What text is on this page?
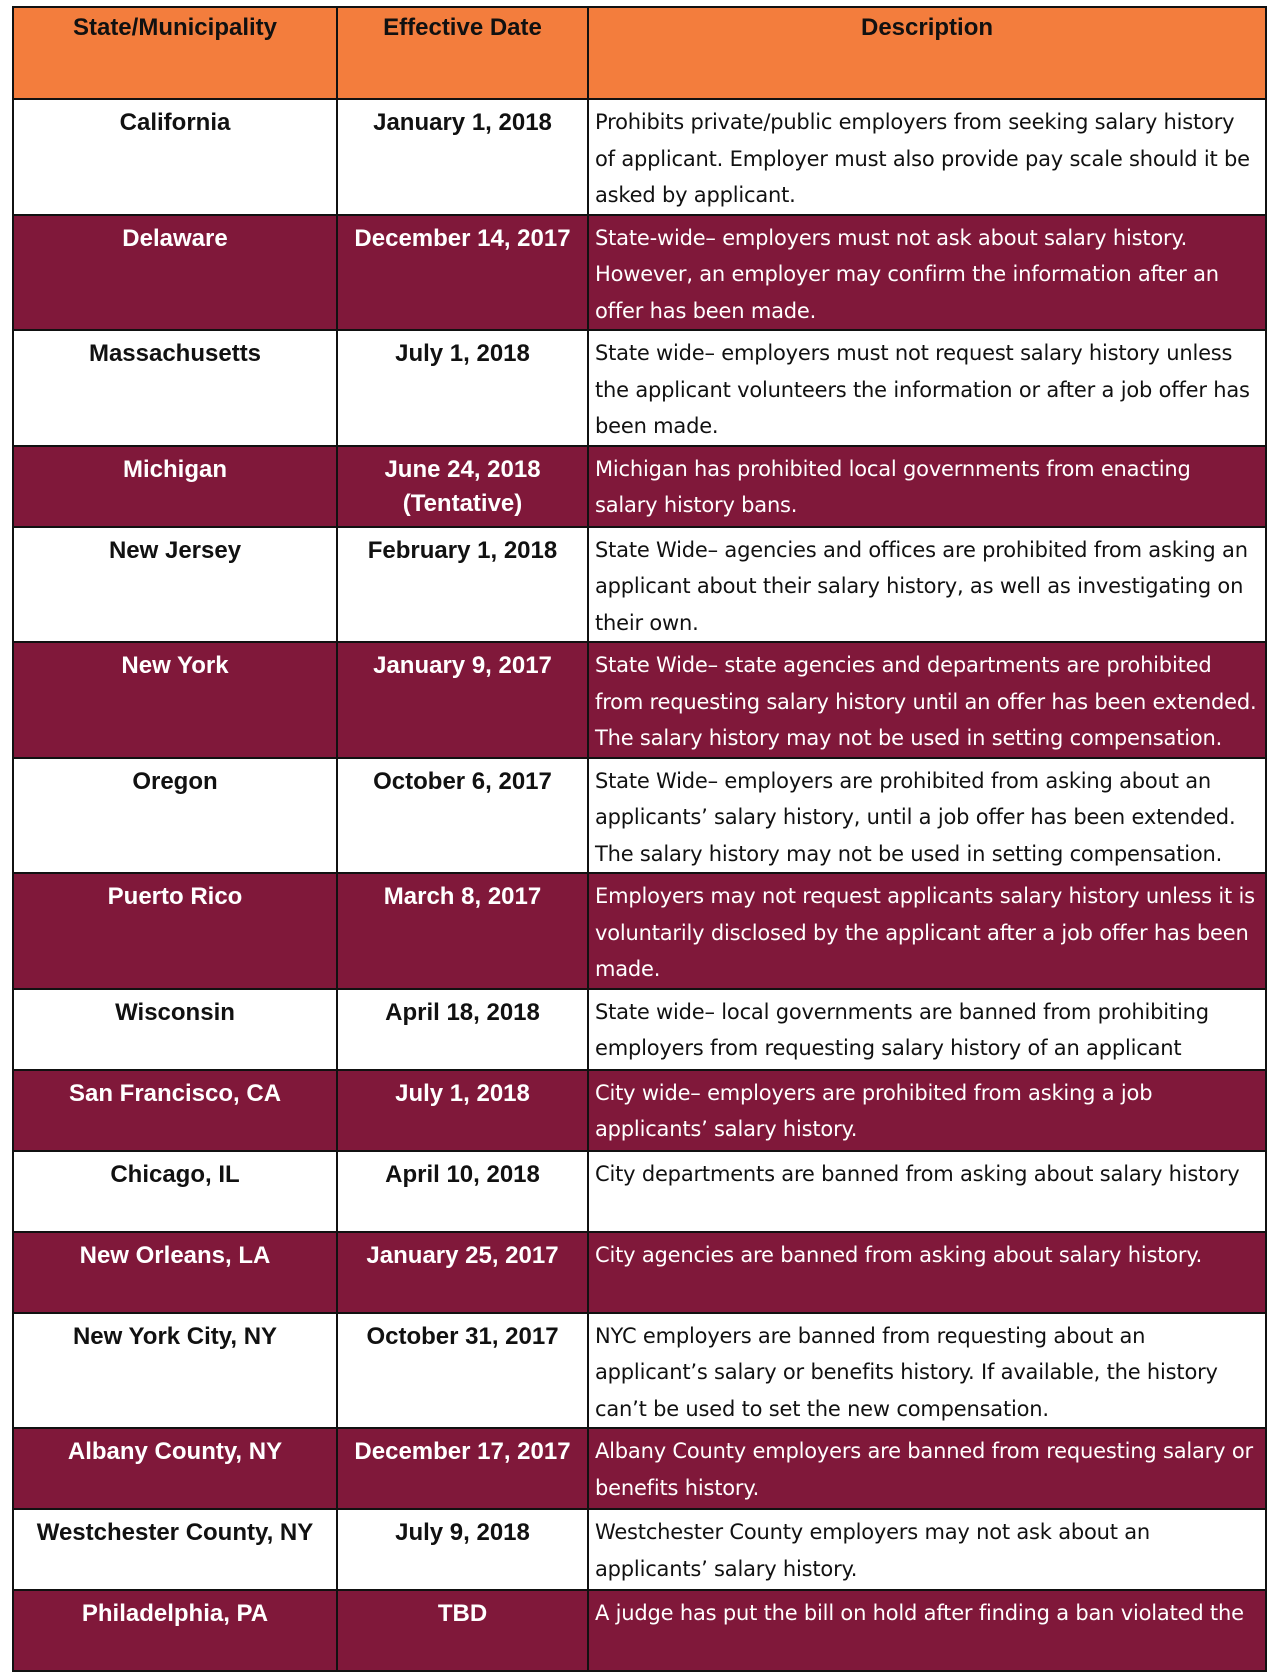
State/Municipality	Effective Date	Description
California	January 1, 2018	Prohibits private/public employers from seeking salary history of applicant. Employer must also provide pay scale should it be asked by applicant.
Delaware	December 14, 2017	State-wide– employers must not ask about salary history. However, an employer may confirm the information after an offer has been made.
Massachusetts	July 1, 2018	State wide– employers must not request salary history unless the applicant volunteers the information or after a job offer has been made.
Michigan	June 24, 2018 (Tentative)	Michigan has prohibited local governments from enacting salary history bans.
New Jersey	February 1, 2018	State Wide– agencies and offices are prohibited from asking an applicant about their salary history, as well as investigating on their own.
New York	January 9, 2017	State Wide– state agencies and departments are prohibited from requesting salary history until an offer has been extended. The salary history may not be used in setting compensation.
Oregon	October 6, 2017	State Wide– employers are prohibited from asking about an applicants’ salary history, until a job offer has been extended. The salary history may not be used in setting compensation.
Puerto Rico	March 8, 2017	Employers may not request applicants salary history unless it is voluntarily disclosed by the applicant after a job offer has been made.
Wisconsin	April 18, 2018	State wide– local governments are banned from prohibiting employers from requesting salary history of an applicant
San Francisco, CA	July 1, 2018	City wide– employers are prohibited from asking a job applicants’ salary history.
Chicago, IL	April 10, 2018	City departments are banned from asking about salary history
New Orleans, LA	January 25, 2017	City agencies are banned from asking about salary history.
New York City, NY	October 31, 2017	NYC employers are banned from requesting about an applicant’s salary or benefits history. If available, the history can’t be used to set the new compensation.
Albany County, NY	December 17, 2017	Albany County employers are banned from requesting salary or benefits history.
Westchester County, NY	July 9, 2018	Westchester County employers may not ask about an applicants’ salary history.
Philadelphia, PA	TBD	A judge has put the bill on hold after finding a ban violated the
